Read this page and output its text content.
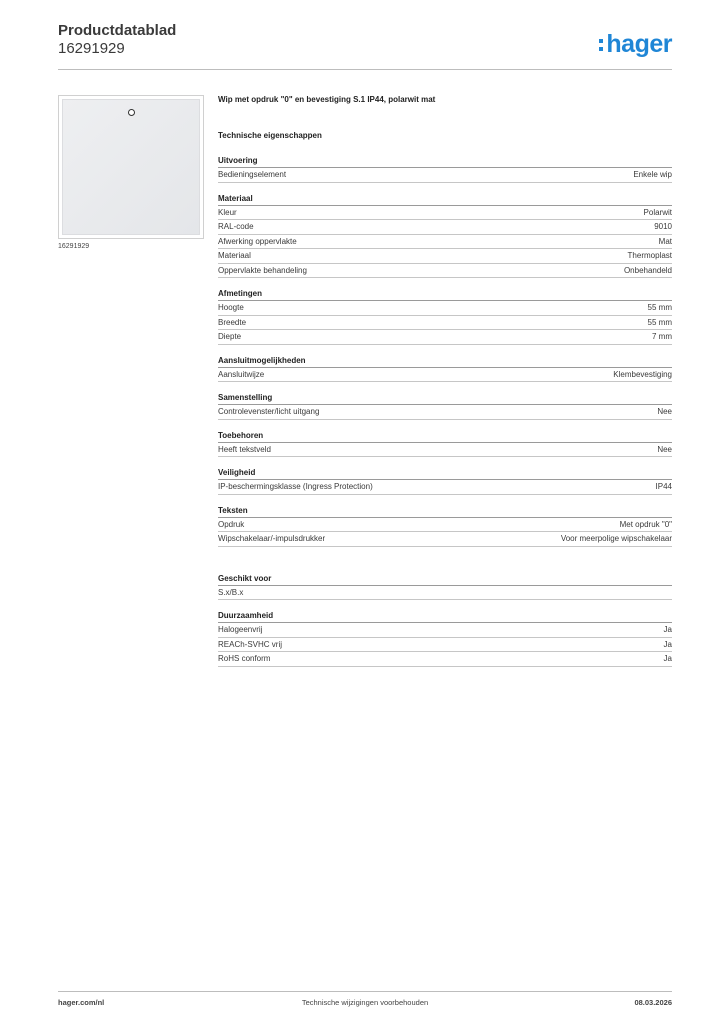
Productdatablad
16291929	hager
16291929
Wip met opdruk "0" en bevestiging S.1 IP44, polarwit mat
Technische eigenschappen
Uitvoering
Bedieningselement	Enkele wip
Materiaal
Kleur	Polarwit
RAL-code	9010
Afwerking oppervlakte	Mat
Materiaal	Thermoplast
Oppervlakte behandeling	Onbehandeld
Afmetingen
Hoogte	55 mm
Breedte	55 mm
Diepte	7 mm
Aansluitmogelijkheden
Aansluitwijze	Klembevestiging
Samenstelling
Controlevenster/licht uitgang	Nee
Toebehoren
Heeft tekstveld	Nee
Veiligheid
IP-beschermingsklasse (Ingress Protection)	IP44
Teksten
Opdruk	Met opdruk "0"
Wipschakelaar/-impulsdrukker	Voor meerpolige wipschakelaar
Geschikt voor
S.x/B.x
Duurzaamheid
Halogeenvrij	Ja
REACh-SVHC vrij	Ja
RoHS conform	Ja
hager.com/nl	Technische wijzigingen voorbehouden	08.03.2026
